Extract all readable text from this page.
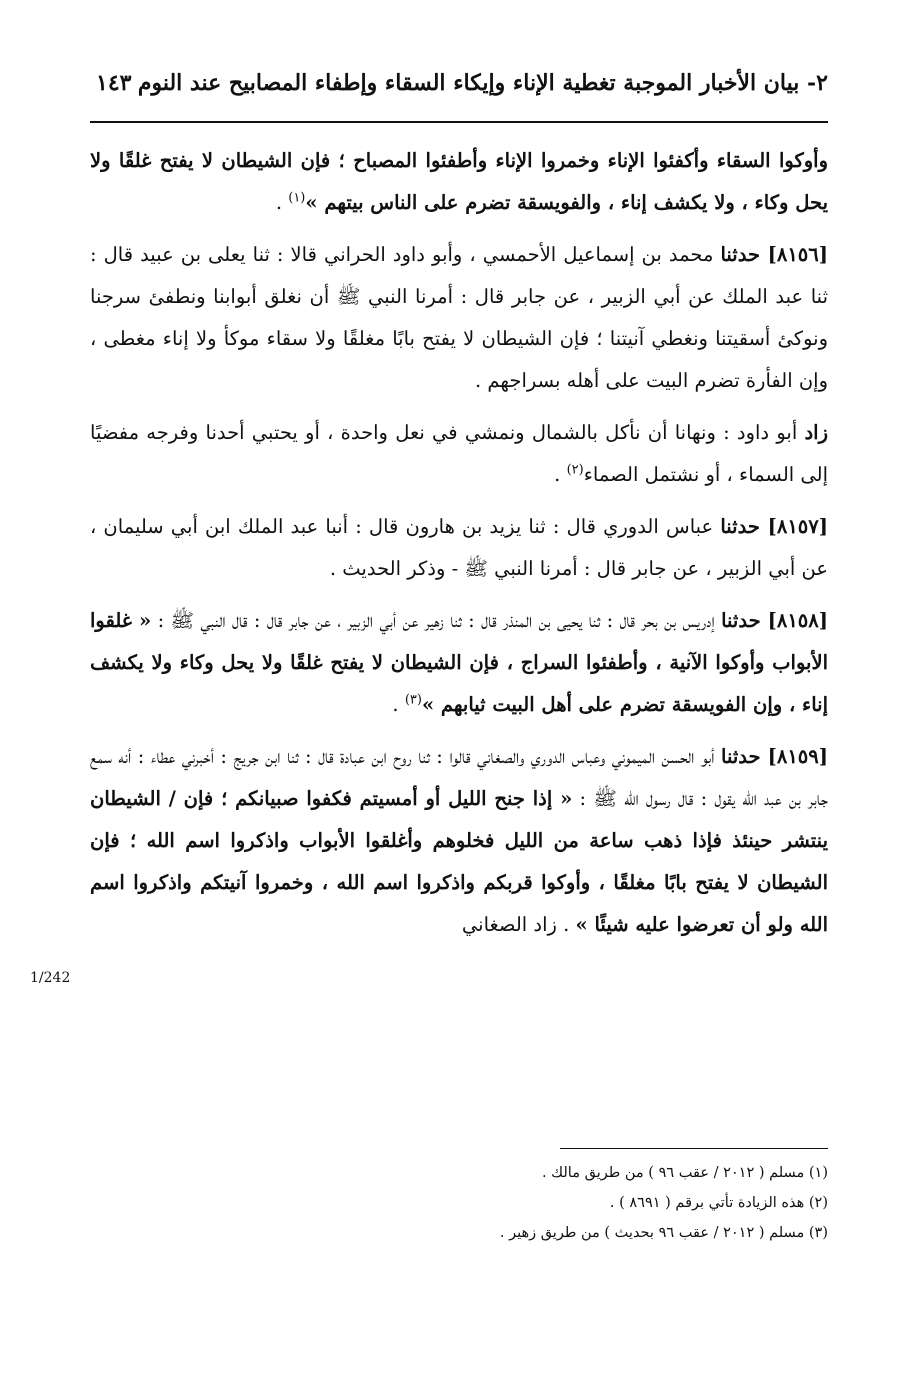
٢- بيان الأخبار الموجبة تغطية الإناء وإيكاء السقاء وإطفاء المصابيح عند النوم
١٤٣

وأوكوا السقاء وأكفئوا الإناء وخمروا الإناء وأطفئوا المصباح ؛ فإن الشيطان لا يفتح غلقًا ولا يحل وكاء ، ولا يكشف إناء ، والفويسقة تضرم على الناس بيتهم »$^{(١)}$ .

[٨١٥٦] حدثنا محمد بن إسماعيل الأحمسي ، وأبو داود الحراني قالا : ثنا يعلى بن عبيد قال : ثنا عبد الملك عن أبي الزبير ، عن جابر قال : أمرنا النبي ﷺ أن نغلق أبوابنا ونطفئ سرجنا ونوكئ أسقيتنا ونغطي آنيتنا ؛ فإن الشيطان لا يفتح بابًا مغلقًا ولا سقاء موكأ ولا إناء مغطى ، وإن الفأرة تضرم البيت على أهله بسراجهم .

زاد أبو داود : ونهانا أن نأكل بالشمال ونمشي في نعل واحدة ، أو يحتبي أحدنا وفرجه مفضيًا إلى السماء ، أو نشتمل الصماء$^{(٢)}$ .

[٨١٥٧] حدثنا عباس الدوري قال : ثنا يزيد بن هارون قال : أنبا عبد الملك ابن أبي سليمان ، عن أبي الزبير ، عن جابر قال : أمرنا النبي ﷺ - وذكر الحديث .

[٨١٥٨] حدثنا إدريس بن بحر قال : ثنا يحيى بن المنذر قال : ثنا زهير عن أبي الزبير ، عن جابر قال : قال النبي ﷺ : « غلقوا الأبواب وأوكوا الآنية ، وأطفئوا السراج ، فإن الشيطان لا يفتح غلقًا ولا يحل وكاء ولا يكشف إناء ، وإن الفويسقة تضرم على أهل البيت ثيابهم »$^{(٣)}$ .

[٨١٥٩] حدثنا أبو الحسن الميموني وعباس الدوري والصغاني قالوا : ثنا روح ابن عبادة قال : ثنا ابن جريج : أخبرني عطاء : أنه سمع جابر بن عبد الله يقول : قال رسول الله ﷺ : « إذا جنح الليل أو أمسيتم فكفوا صبيانكم ؛ فإن / الشيطان ينتشر حينئذ فإذا ذهب ساعة من الليل فخلوهم وأغلقوا الأبواب واذكروا اسم الله ؛ فإن الشيطان لا يفتح بابًا مغلقًا ، وأوكوا قربكم واذكروا اسم الله ، وخمروا آنيتكم واذكروا اسم الله ولو أن تعرضوا عليه شيئًا » . زاد الصغاني

1/242
(١) مسلم ( ٢٠١٢ / عقب ٩٦ ) من طريق مالك .
(٢) هذه الزيادة تأتي برقم ( ٨٦٩١ ) .
(٣) مسلم ( ٢٠١٢ / عقب ٩٦ بحديث ) من طريق زهير .
